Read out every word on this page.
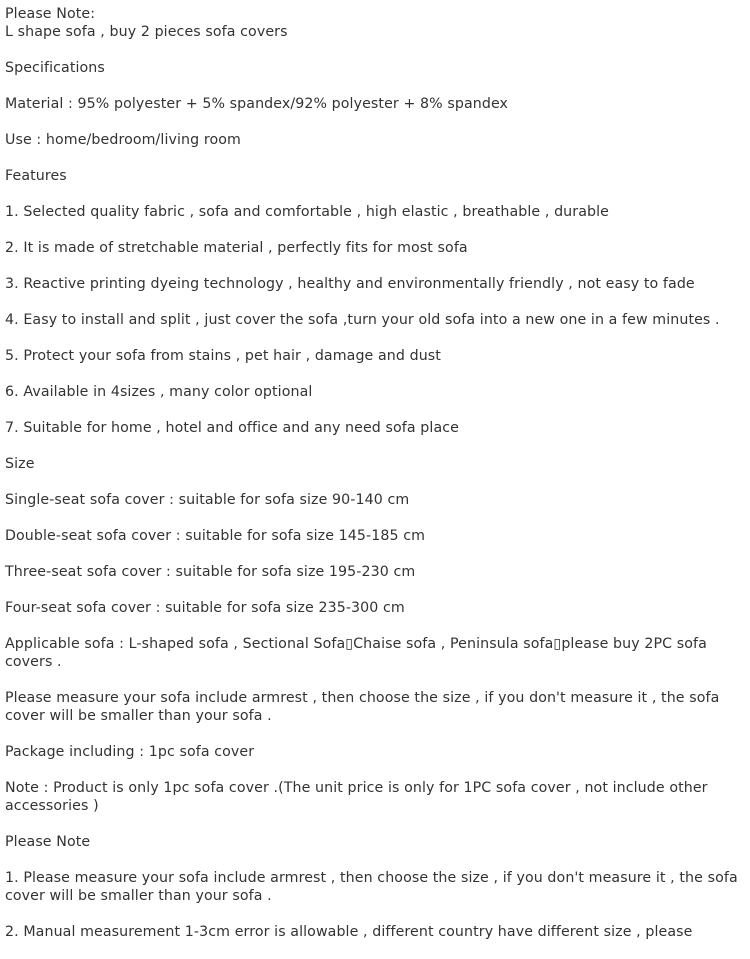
Please Note:

L shape sofa , buy 2 pieces sofa covers

Specifications

Material : 95% polyester + 5% spandex/92% polyester + 8% spandex

Use : home/bedroom/living room

Features

1. Selected quality fabric , sofa and comfortable , high elastic , breathable , durable

2. It is made of stretchable material , perfectly fits for most sofa

3. Reactive printing dyeing technology , healthy and environmentally friendly , not easy to fade

4. Easy to install and split , just cover the sofa ,turn your old sofa into a new one in a few minutes .

5. Protect your sofa from stains , pet hair , damage and dust

6. Available in 4sizes , many color optional

7. Suitable for home , hotel and office and any need sofa place

Size

Single-seat sofa cover : suitable for sofa size 90-140 cm

Double-seat sofa cover : suitable for sofa size 145-185 cm

Three-seat sofa cover : suitable for sofa size 195-230 cm

Four-seat sofa cover : suitable for sofa size 235-300 cm

Applicable sofa : L-shaped sofa , Sectional Sofa▯Chaise sofa , Peninsula sofa▯please buy 2PC sofa covers .

Please measure your sofa include armrest , then choose the size , if you don't measure it , the sofa cover will be smaller than your sofa .

Package including : 1pc sofa cover

Note : Product is only 1pc sofa cover .(The unit price is only for 1PC sofa cover , not include other accessories )

Please Note

1. Please measure your sofa include armrest , then choose the size , if you don't measure it , the sofa cover will be smaller than your sofa .

2. Manual measurement 1-3cm error is allowable , different country have different size , please
